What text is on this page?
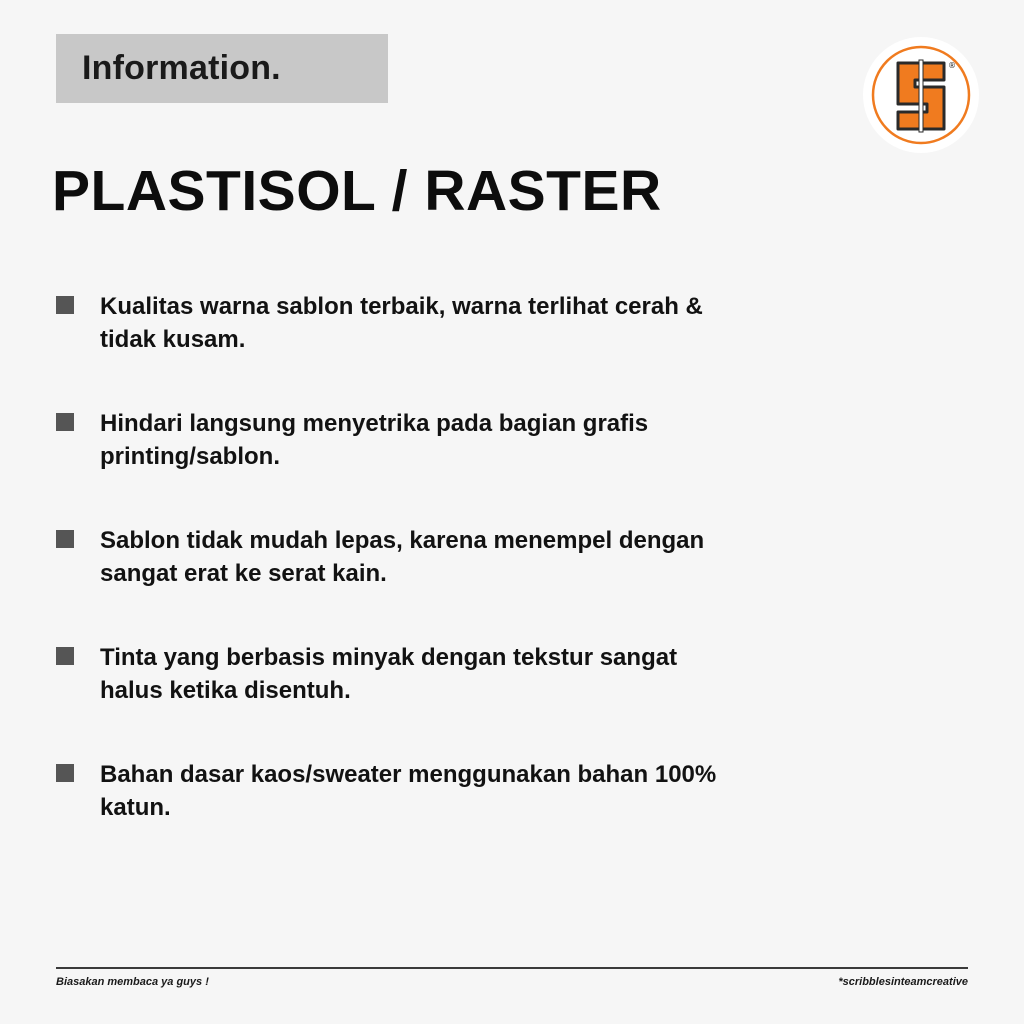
Information.	®
PLASTISOL / RASTER
Kualitas warna sablon terbaik, warna terlihat cerah & tidak kusam.
Hindari langsung menyetrika pada bagian grafis printing/sablon.
Sablon tidak mudah lepas, karena menempel dengan sangat erat ke serat kain.
Tinta yang berbasis minyak dengan tekstur sangat halus ketika disentuh.
Bahan dasar kaos/sweater menggunakan bahan 100% katun.
Biasakan membaca ya guys !	*scribblesinteamcreative
